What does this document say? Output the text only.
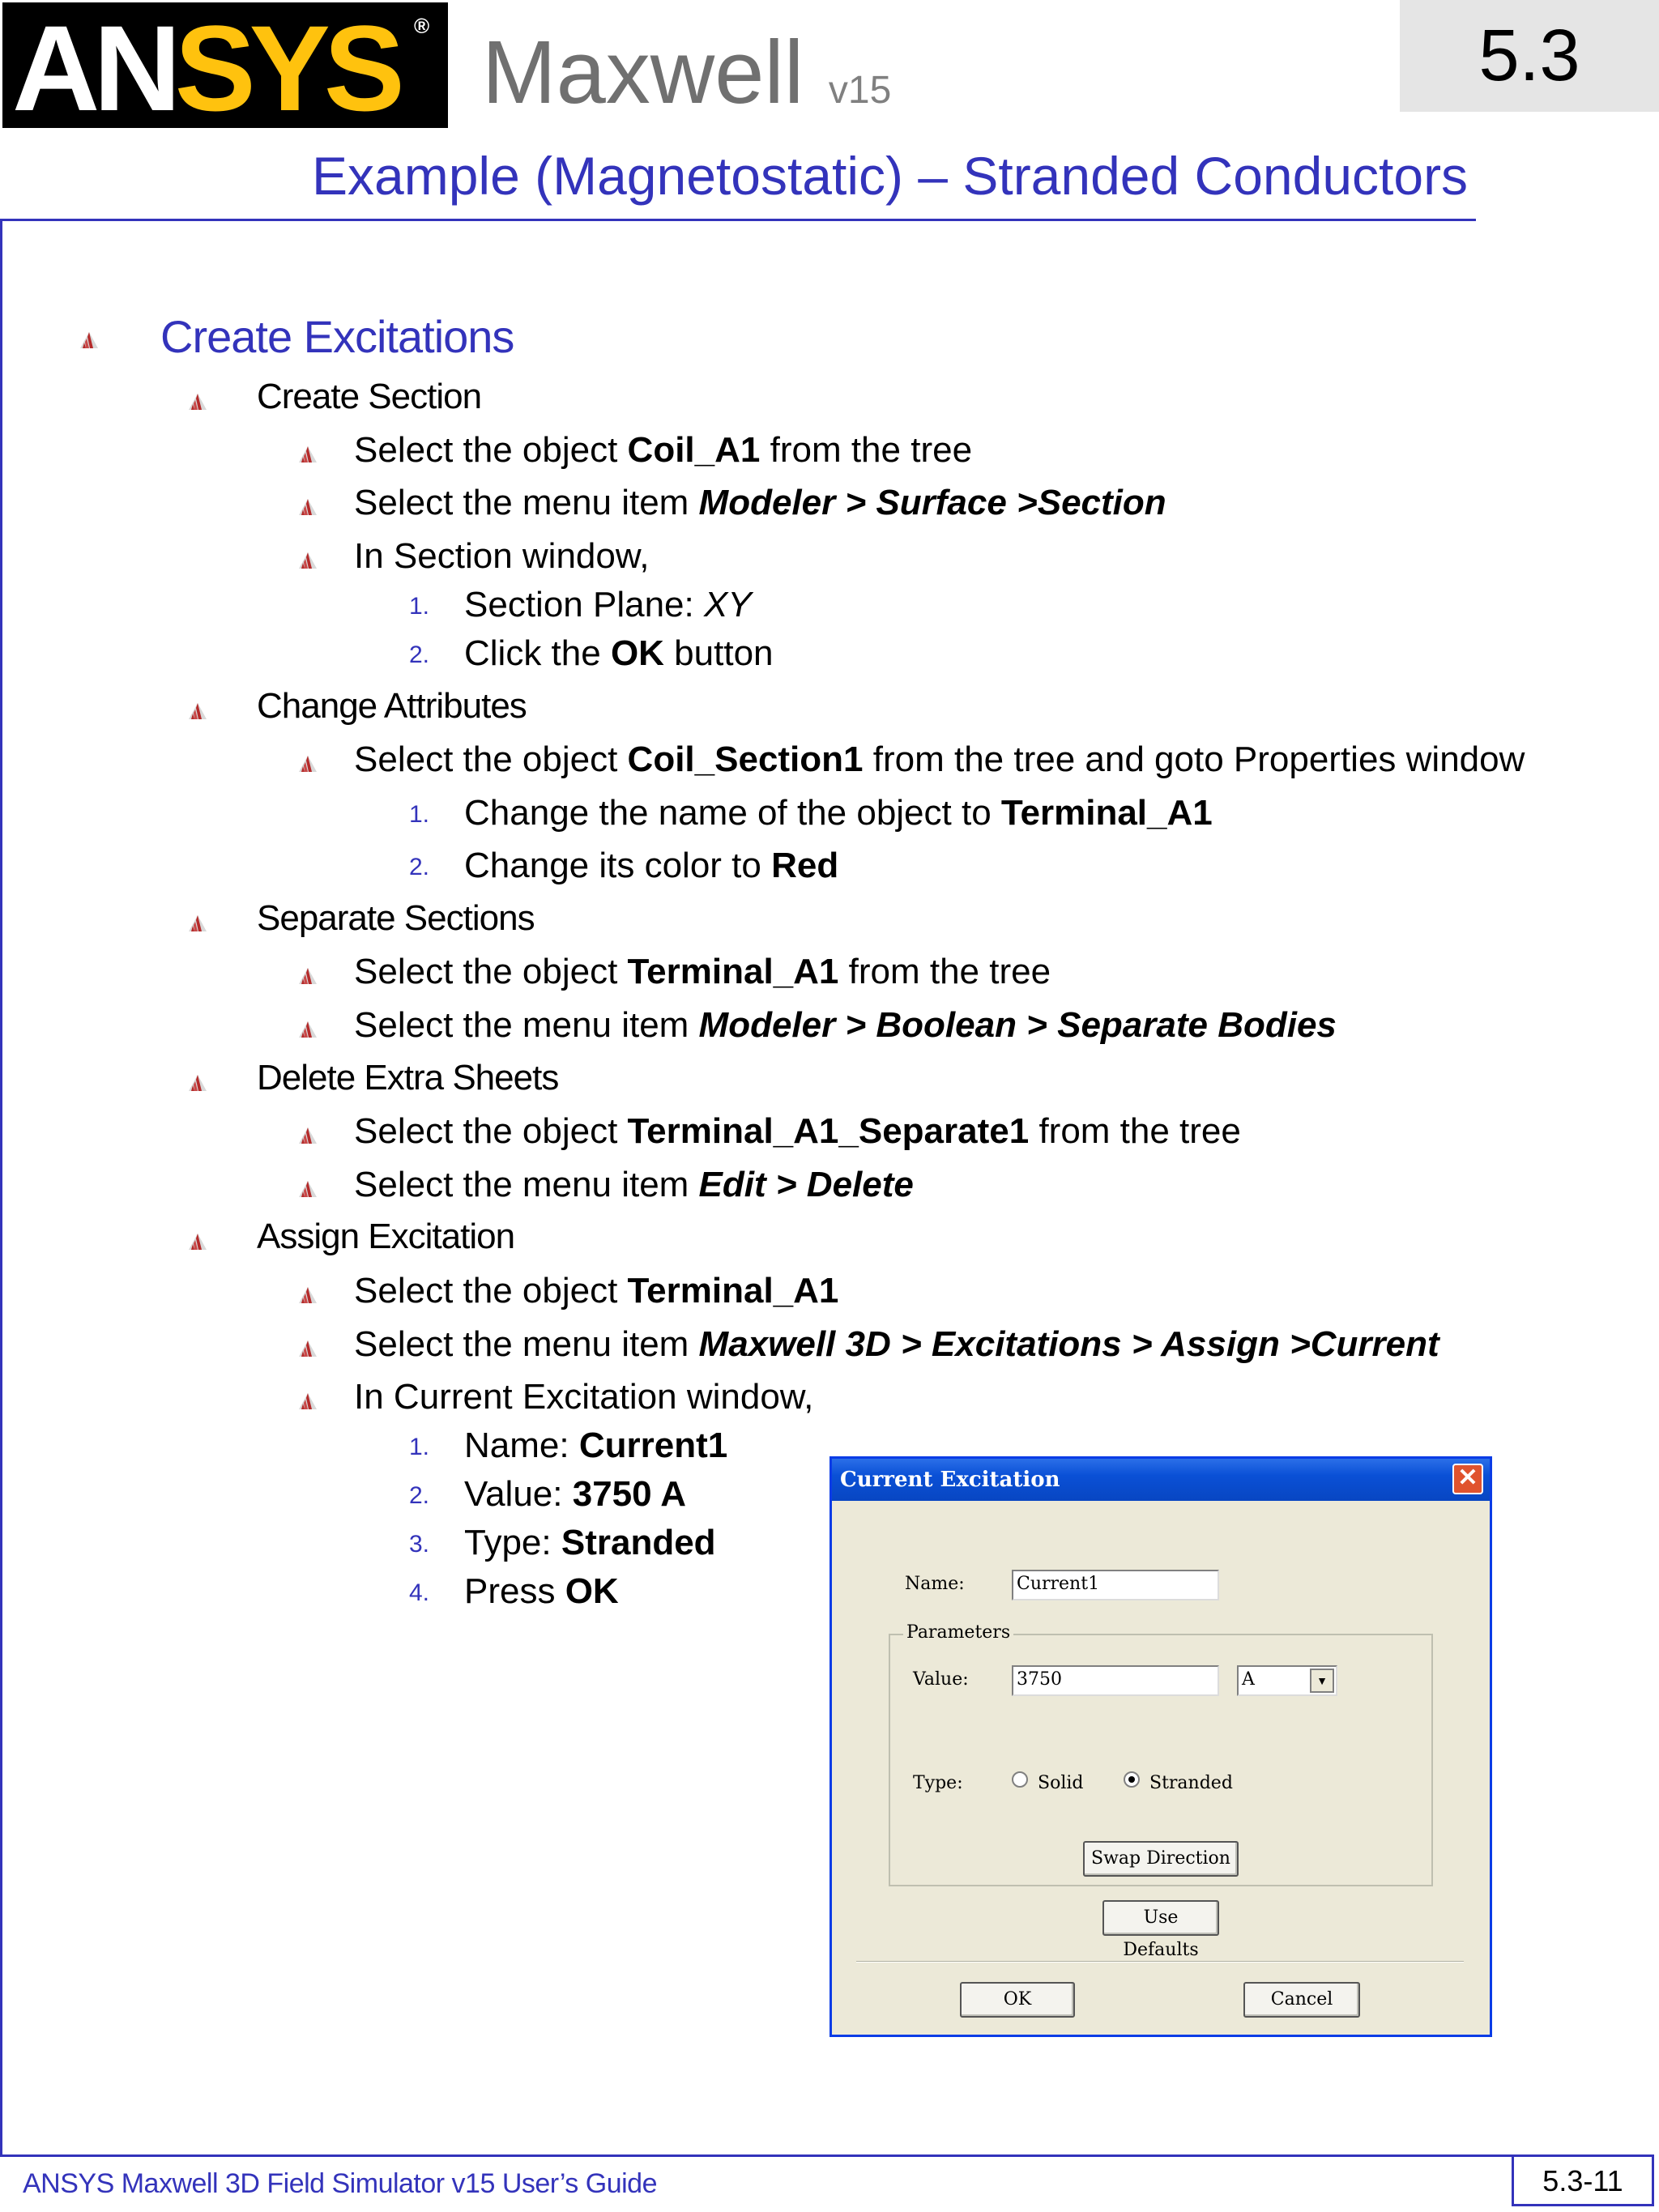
ANSYS ® Maxwell v15	5.3
Example (Magnetostatic) – Stranded Conductors
Create Excitations
Create Section
Select the object Coil_A1 from the tree
Select the menu item Modeler > Surface >Section
In Section window,
1. Section Plane: XY
2. Click the OK button
Change Attributes
Select the object Coil_Section1 from the tree and goto Properties window
1. Change the name of the object to Terminal_A1
2. Change its color to Red
Separate Sections
Select the object Terminal_A1 from the tree
Select the menu item Modeler > Boolean > Separate Bodies
Delete Extra Sheets
Select the object Terminal_A1_Separate1 from the tree
Select the menu item Edit > Delete
Assign Excitation
Select the object Terminal_A1
Select the menu item Maxwell 3D > Excitations > Assign >Current
In Current Excitation window,
1. Name: Current1
2. Value: 3750 A
3. Type: Stranded
4. Press OK
Current Excitation	✕
Name:	Current1
Parameters
Value:	3750	A	▼
Type:	Solid	Stranded
Swap Direction
Use Defaults
OK	Cancel
ANSYS Maxwell 3D Field Simulator v15 User’s Guide	5.3-11
